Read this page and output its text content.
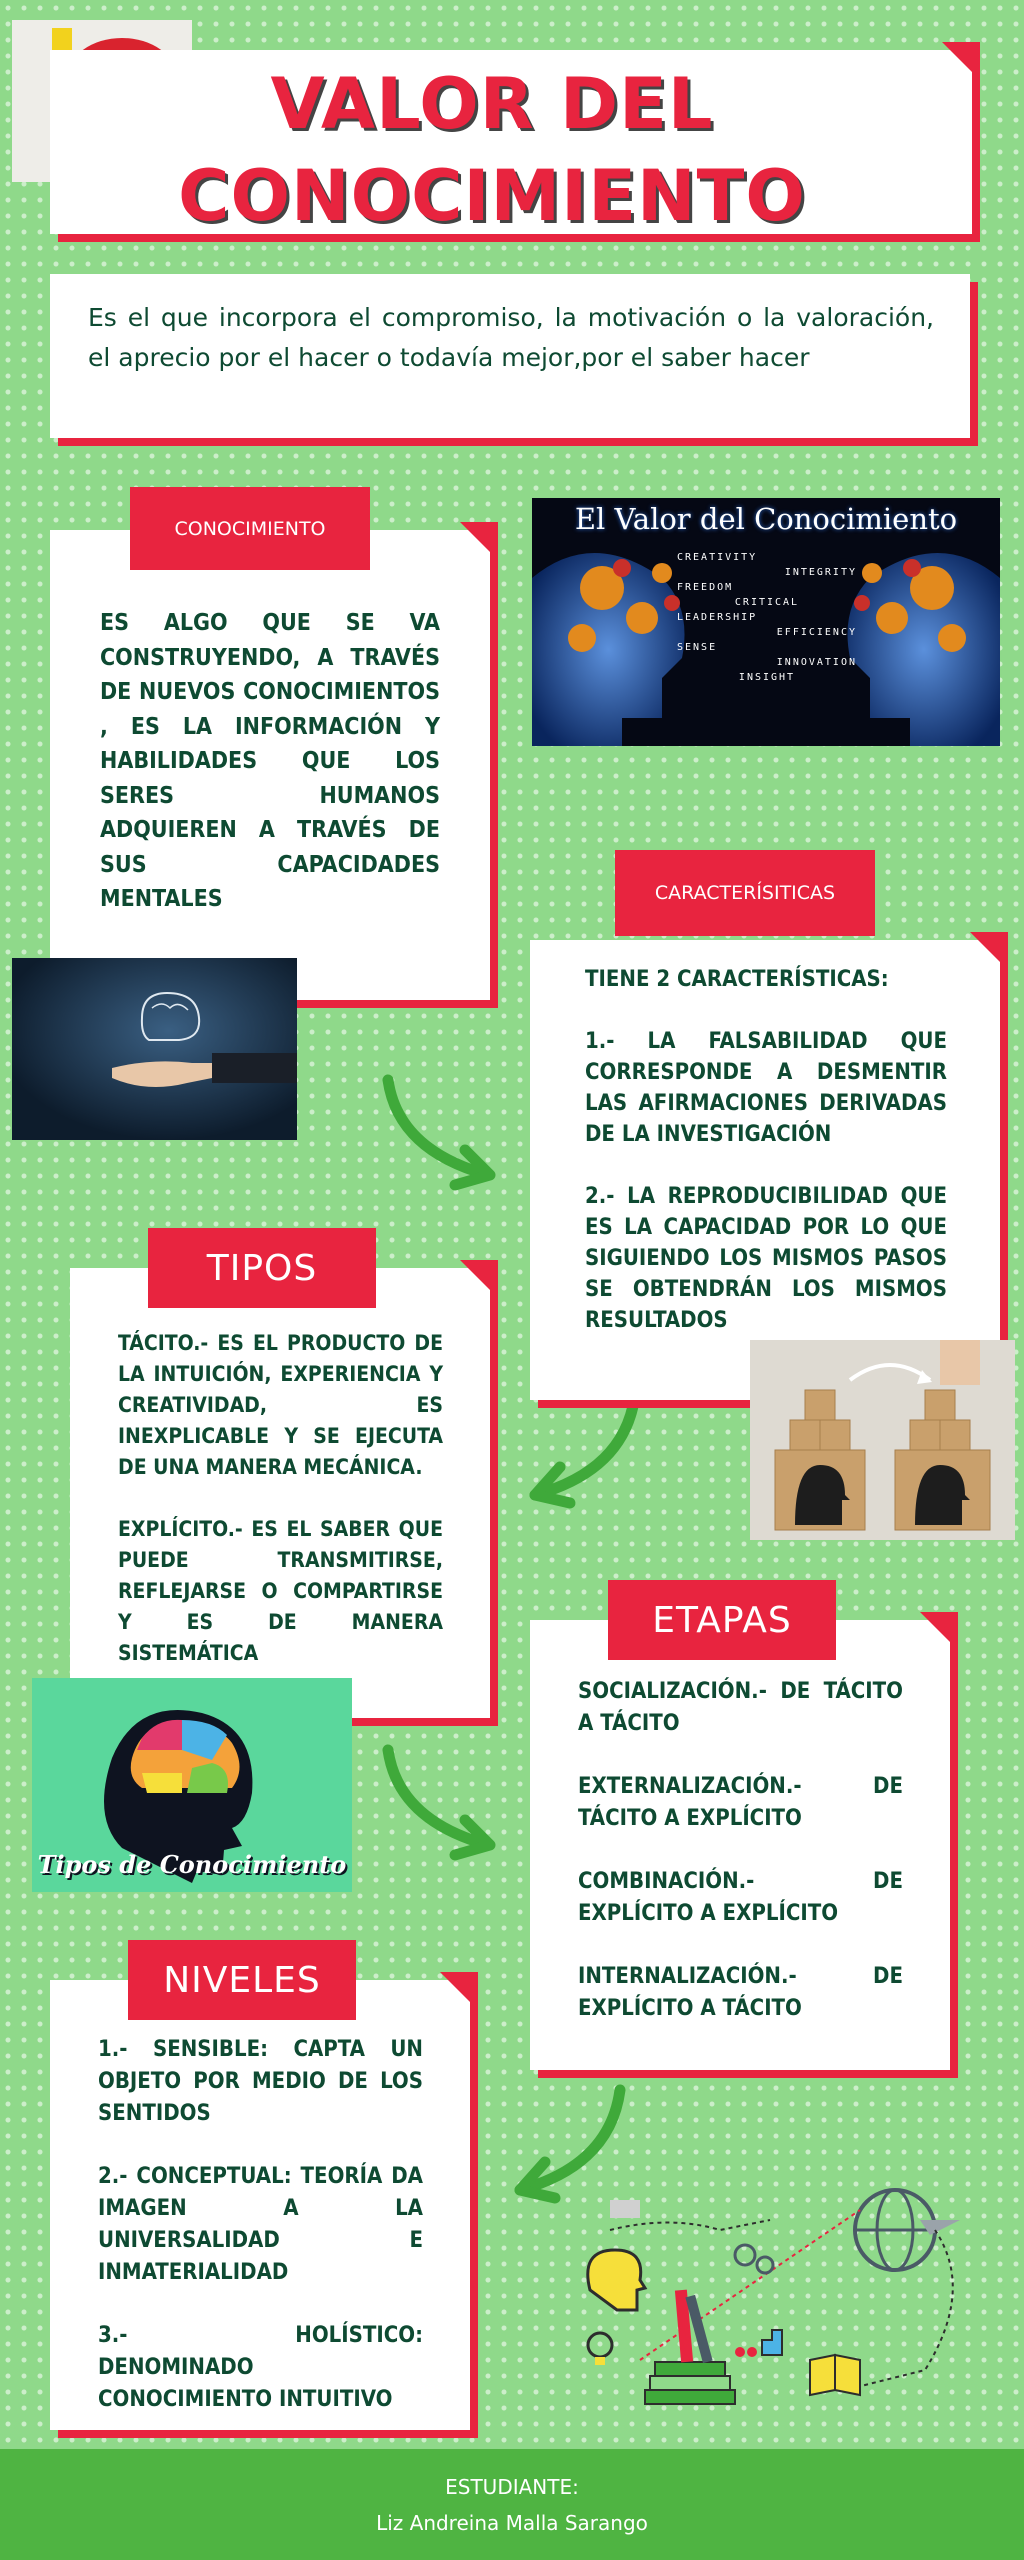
VALOR DEL
CONOCIMIENTO
Es el que incorpora el compromiso, la motivación o la valoración, el aprecio por el hacer o todavía mejor,por el saber hacer
CONOCIMIENTO
ES ALGO QUE SE VA CONSTRUYENDO, A TRAVÉS DE NUEVOS CONOCIMIENTOS , ES LA INFORMACIÓN Y HABILIDADES QUE LOS SERES HUMANOS ADQUIEREN A TRAVÉS DE SUS CAPACIDADES MENTALES
El Valor del Conocimiento
CREATIVITY
INTEGRITY
FREEDOM
CRITICAL
LEADERSHIP
EFFICIENCY
SENSE
INNOVATION
INSIGHT
CARACTERÍSITICAS

TIENE 2 CARACTERÍSTICAS:

1.- LA FALSABILIDAD QUE CORRESPONDE A DESMENTIR LAS AFIRMACIONES DERIVADAS DE LA INVESTIGACIÓN

2.- LA REPRODUCIBILIDAD QUE ES LA CAPACIDAD POR LO QUE SIGUIENDO LOS MISMOS PASOS SE OBTENDRÁN LOS MISMOS RESULTADOS

TIPOS

TÁCITO.- ES EL PRODUCTO DE LA INTUICIÓN, EXPERIENCIA Y CREATIVIDAD, ES INEXPLICABLE Y SE EJECUTA DE UNA MANERA MECÁNICA.

EXPLÍCITO.- ES EL SABER QUE PUEDE TRANSMITIRSE, REFLEJARSE O COMPARTIRSE Y ES DE MANERA SISTEMÁTICA

Tipos de Conocimiento
ETAPAS

SOCIALIZACIÓN.- DE TÁCITO A TÁCITO

EXTERNALIZACIÓN.- DE TÁCITO A EXPLÍCITO

COMBINACIÓN.- DE EXPLÍCITO A EXPLÍCITO

INTERNALIZACIÓN.- DE EXPLÍCITO A TÁCITO

NIVELES

1.- SENSIBLE: CAPTA UN OBJETO POR MEDIO DE LOS SENTIDOS

2.- CONCEPTUAL: TEORÍA DA IMAGEN A LA UNIVERSALIDAD E INMATERIALIDAD

3.- HOLÍSTICO: DENOMINADO CONOCIMIENTO INTUITIVO

ESTUDIANTE:
Liz Andreina Malla Sarango
